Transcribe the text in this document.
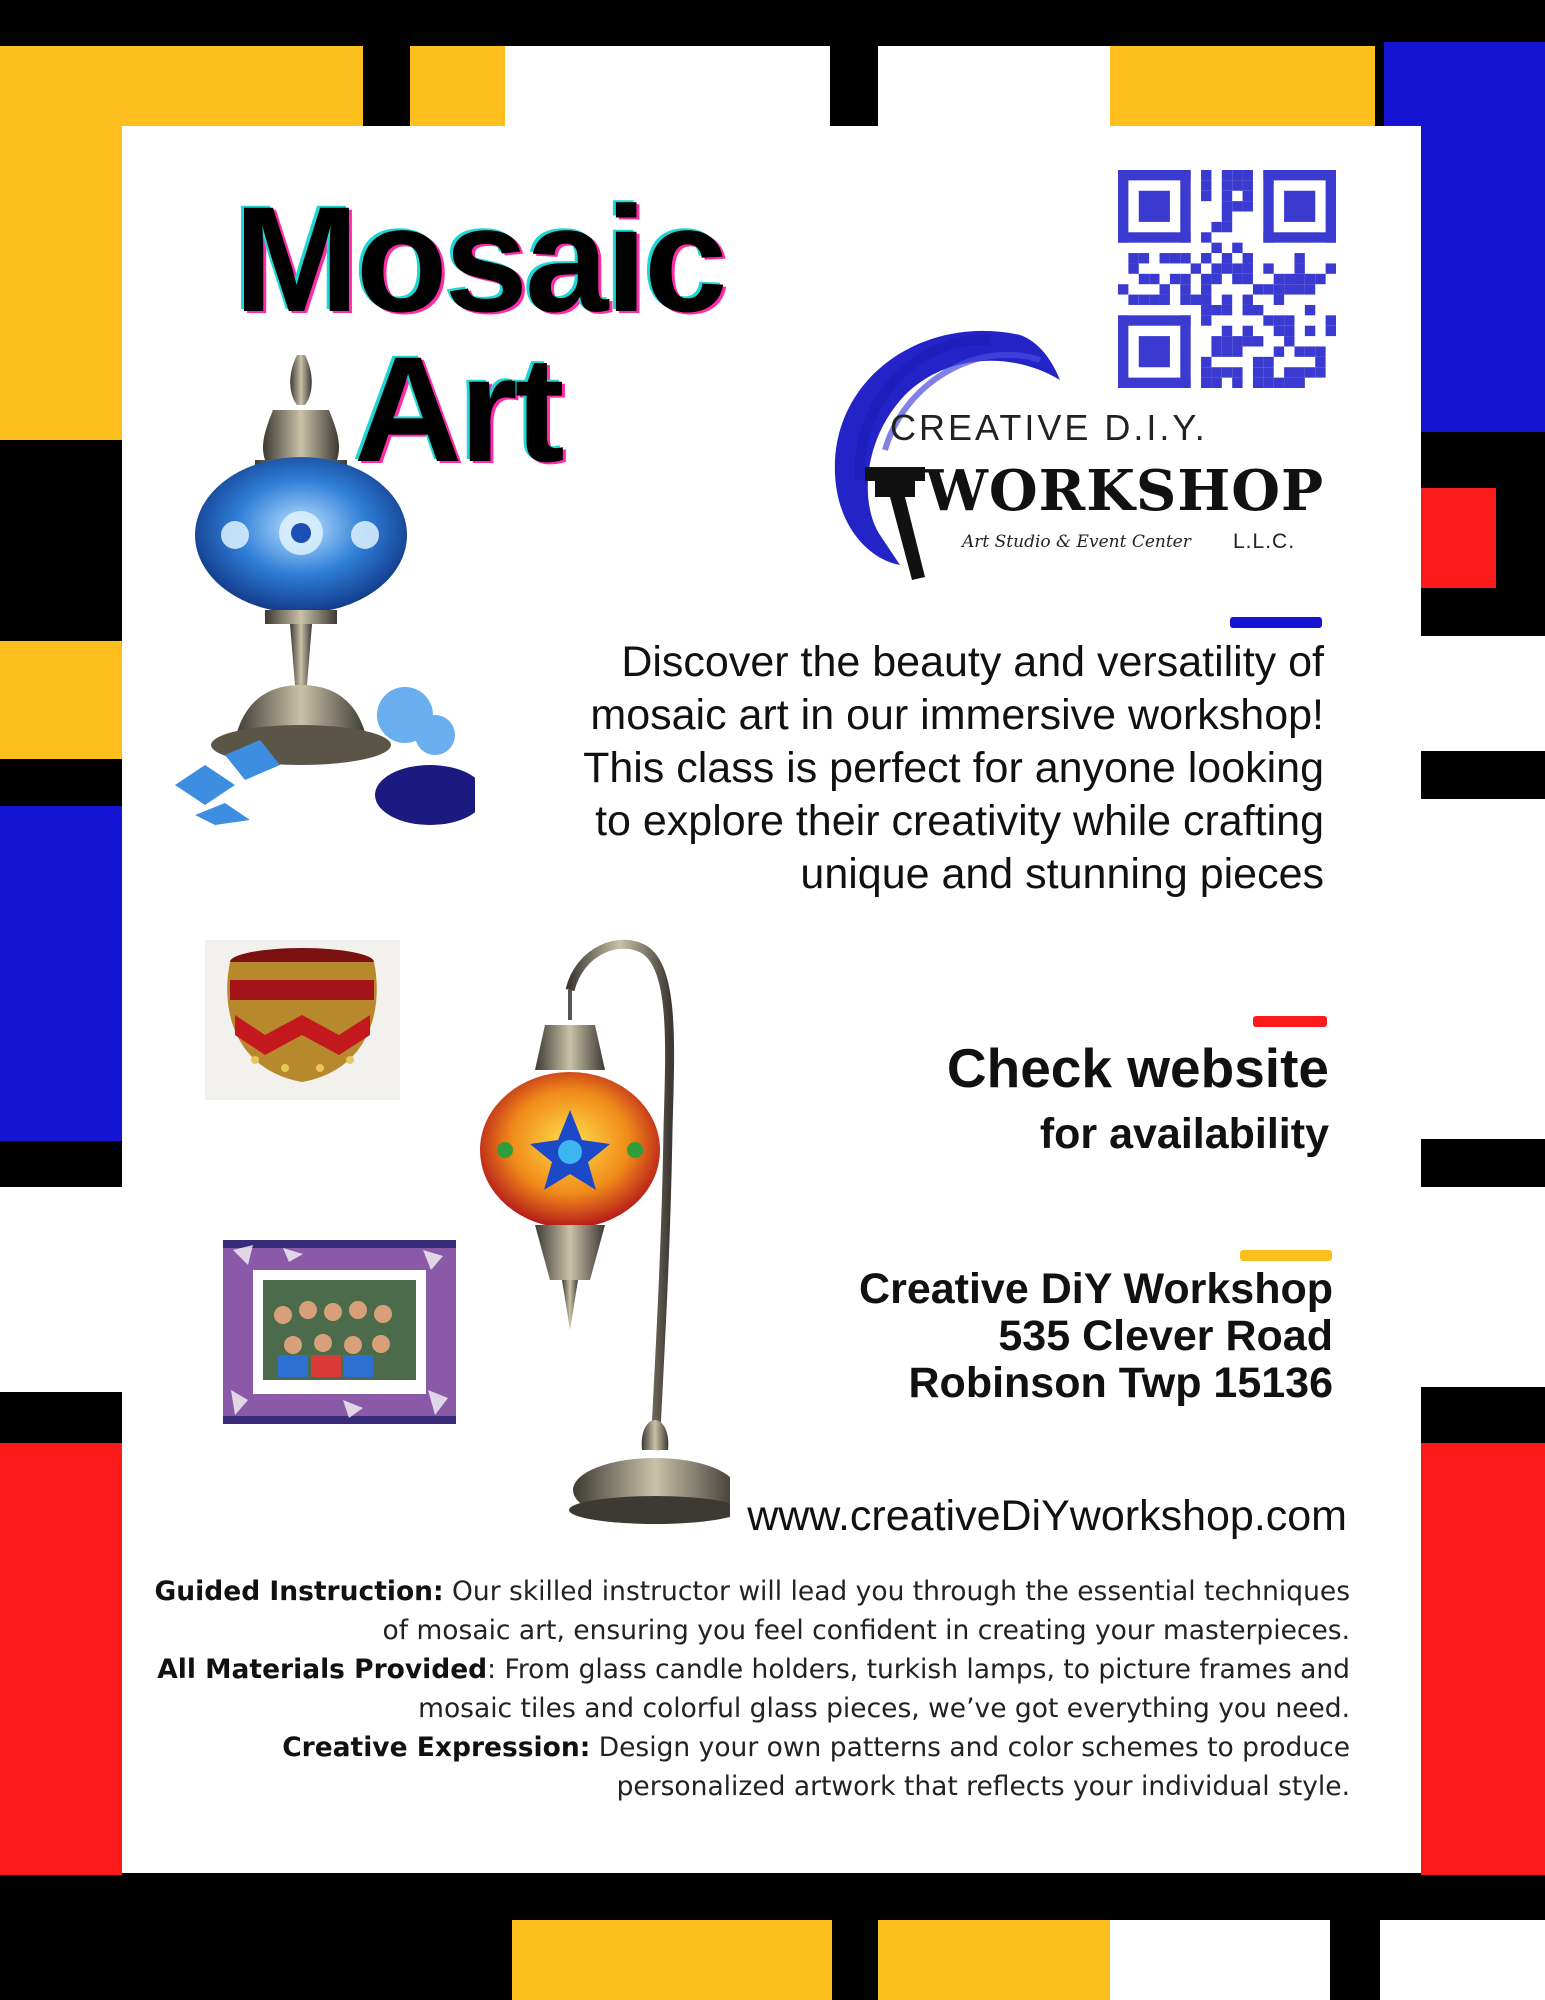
Mosaic
Art	CREATIVE D.I.Y.
WORKSHOP
Art Studio & Event Center L.L.C.
Discover the beauty and versatility of
mosaic art in our immersive workshop!
This class is perfect for anyone looking
to explore their creativity while crafting
unique and stunning pieces
Check website
for availability
Creative DiY Workshop
535 Clever Road
Robinson Twp 15136
www.creativeDiYworkshop.com

Guided Instruction: Our skilled instructor will lead you through the essential techniques of mosaic art, ensuring you feel confident in creating your masterpieces.

All Materials Provided: From glass candle holders, turkish lamps, to picture frames and mosaic tiles and colorful glass pieces, we’ve got everything you need.

Creative Expression: Design your own patterns and color schemes to produce personalized artwork that reflects your individual style.
